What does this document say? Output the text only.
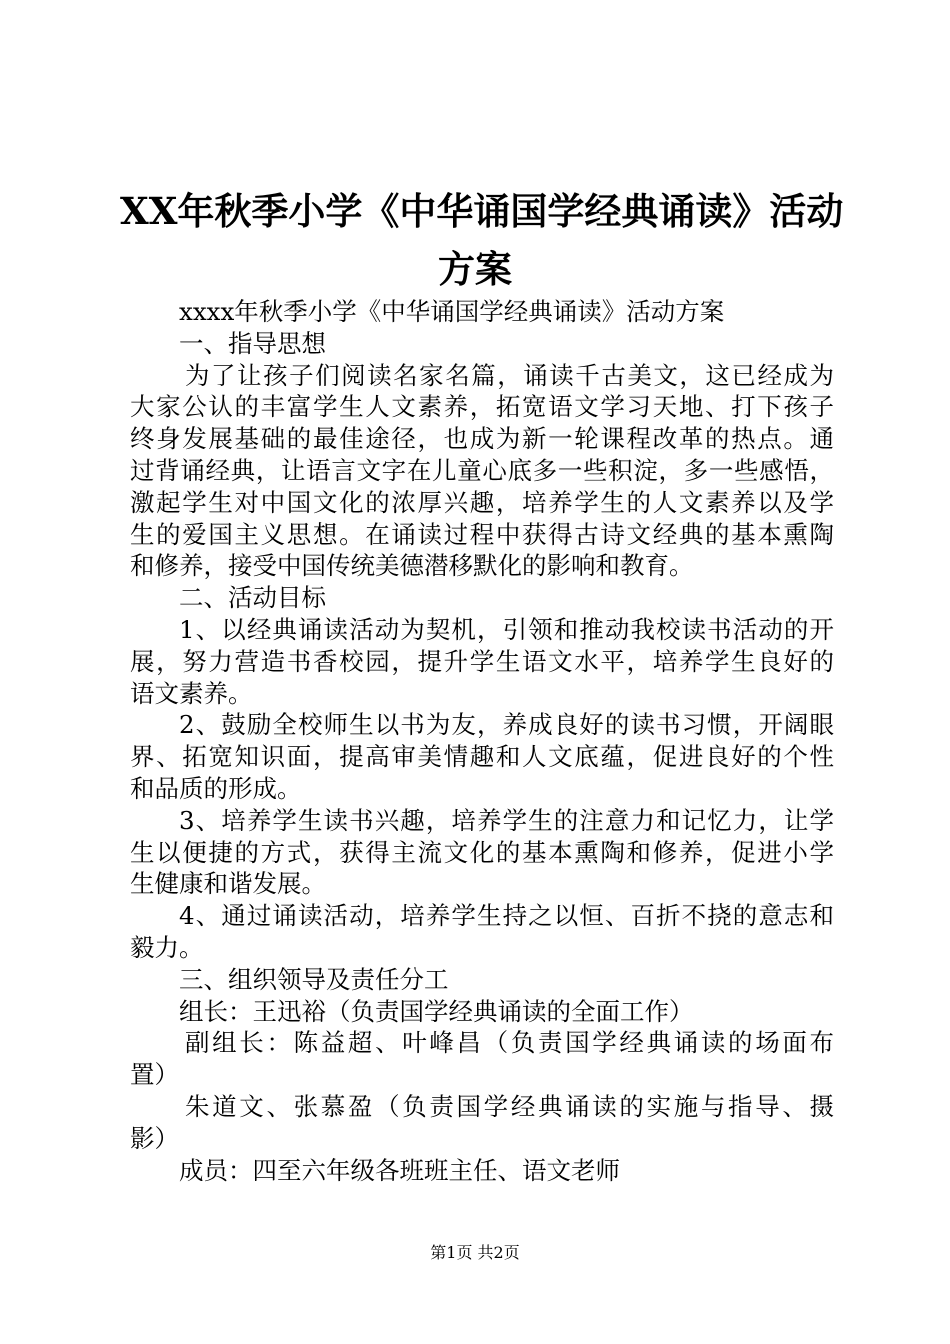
XX年秋季小学《中华诵国学经典诵读》活动
方案
xxxx年秋季小学《中华诵国学经典诵读》活动方案
一、指导思想
为了让孩子们阅读名家名篇，诵读千古美文，这已经成为
大家公认的丰富学生人文素养，拓宽语文学习天地、打下孩子
终身发展基础的最佳途径，也成为新一轮课程改革的热点。通
过背诵经典，让语言文字在儿童心底多一些积淀，多一些感悟，
激起学生对中国文化的浓厚兴趣，培养学生的人文素养以及学
生的爱国主义思想。在诵读过程中获得古诗文经典的基本熏陶
和修养，接受中国传统美德潜移默化的影响和教育。
二、活动目标
1、以经典诵读活动为契机，引领和推动我校读书活动的开
展，努力营造书香校园，提升学生语文水平，培养学生良好的
语文素养。
2、鼓励全校师生以书为友，养成良好的读书习惯，开阔眼
界、拓宽知识面，提高审美情趣和人文底蕴，促进良好的个性
和品质的形成。
3、培养学生读书兴趣，培养学生的注意力和记忆力，让学
生以便捷的方式，获得主流文化的基本熏陶和修养，促进小学
生健康和谐发展。
4、通过诵读活动，培养学生持之以恒、百折不挠的意志和
毅力。
三、组织领导及责任分工
组长：王迅裕（负责国学经典诵读的全面工作）
副组长：陈益超、叶峰昌（负责国学经典诵读的场面布
置）
朱道文、张慕盈（负责国学经典诵读的实施与指导、摄
影）
成员：四至六年级各班班主任、语文老师
第1页 共2页
